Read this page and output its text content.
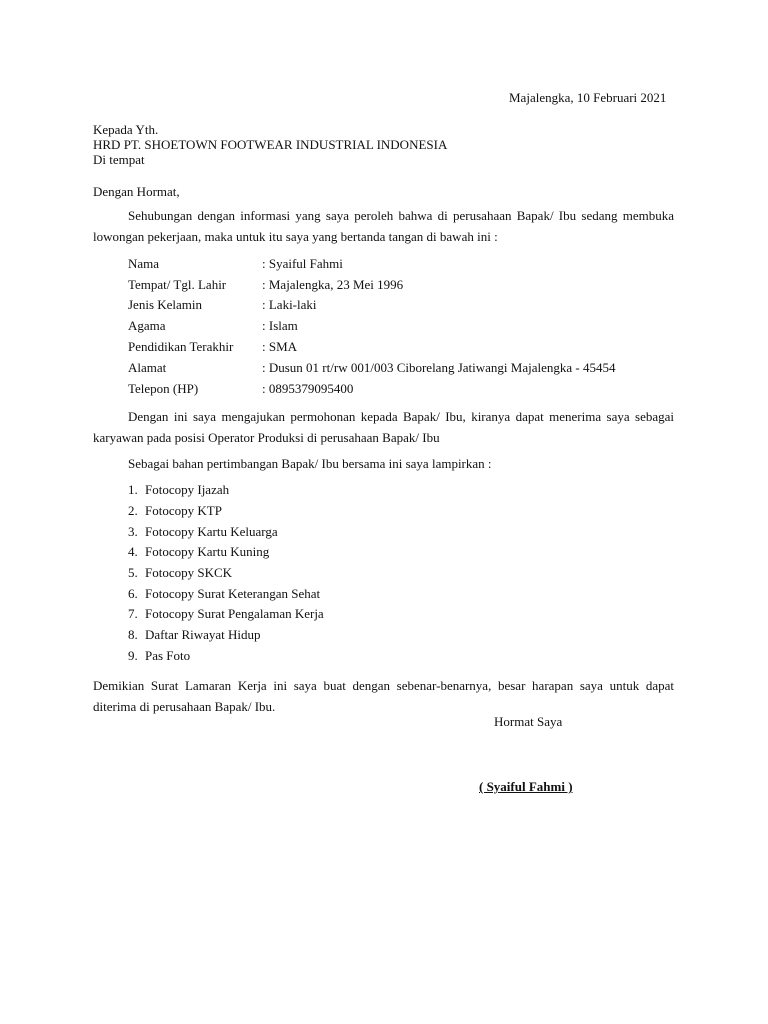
Majalengka, 10 Februari 2021

Kepada Yth.

HRD PT. SHOETOWN FOOTWEAR INDUSTRIAL INDONESIA

Di tempat

Dengan Hormat,

Sehubungan dengan informasi yang saya peroleh bahwa di perusahaan Bapak/ Ibu sedang membuka lowongan pekerjaan, maka untuk itu saya yang bertanda tangan di bawah ini :

Nama	: Syaiful Fahmi
Tempat/ Tgl. Lahir	: Majalengka, 23 Mei 1996
Jenis Kelamin	: Laki-laki
Agama	: Islam
Pendidikan Terakhir : SMA
Alamat	: Dusun 01 rt/rw 001/003 Ciborelang Jatiwangi Majalengka - 45454
Telepon (HP)	: 0895379095400

Dengan ini saya mengajukan permohonan kepada Bapak/ Ibu, kiranya dapat menerima saya sebagai karyawan pada posisi Operator Produksi di perusahaan Bapak/ Ibu

Sebagai bahan pertimbangan Bapak/ Ibu bersama ini saya lampirkan :

1. Fotocopy Ijazah
2. Fotocopy KTP
3. Fotocopy Kartu Keluarga
4. Fotocopy Kartu Kuning
5. Fotocopy SKCK
6. Fotocopy Surat Keterangan Sehat
7. Fotocopy Surat Pengalaman Kerja
8. Daftar Riwayat Hidup
9. Pas Foto

Demikian Surat Lamaran Kerja ini saya buat dengan sebenar-benarnya, besar harapan saya untuk dapat diterima di perusahaan Bapak/ Ibu.

Hormat Saya

( Syaiful Fahmi )
